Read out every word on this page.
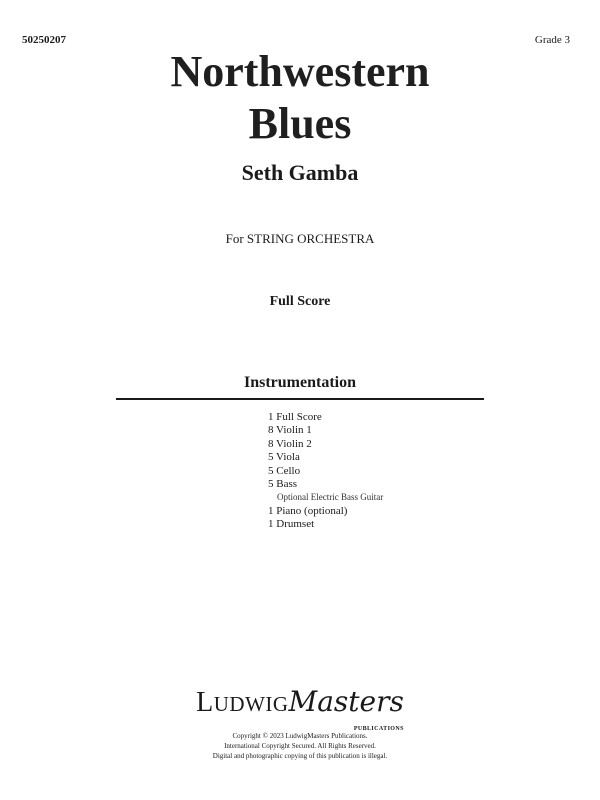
50250207	Grade 3
Northwestern
Blues
Seth Gamba
For STRING ORCHESTRA
Full Score
Instrumentation
1 Full Score
8 Violin 1
8 Violin 2
5 Viola
5 Cello
5 Bass
Optional Electric Bass Guitar
1 Piano (optional)
1 Drumset
LUDWIGMasters
PUBLICATIONS
Copyright © 2023 LudwigMasters Publications.
International Copyright Secured. All Rights Reserved.
Digital and photographic copying of this publication is illegal.
